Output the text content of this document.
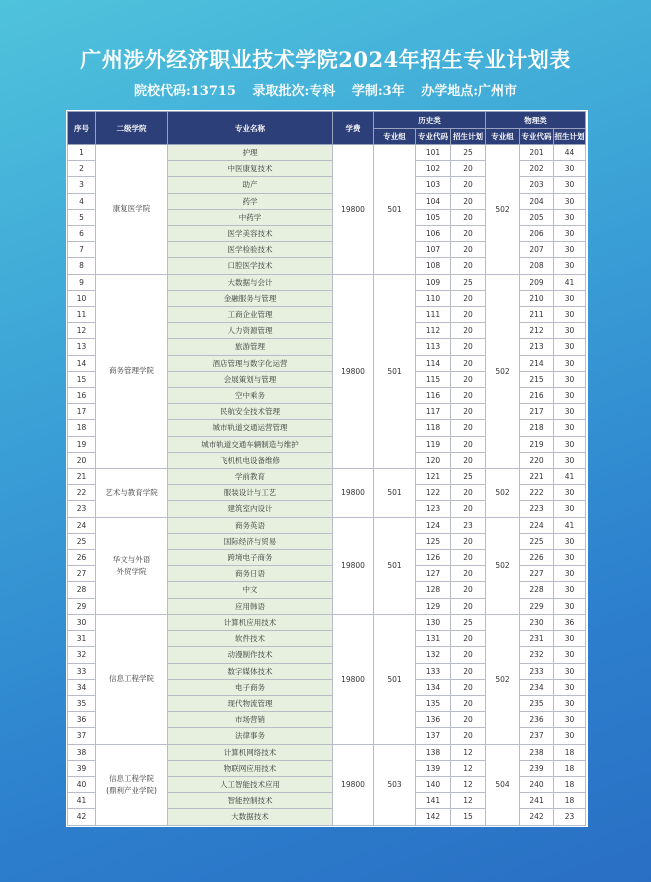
广州涉外经济职业技术学院2024年招生专业计划表
院校代码:13715 录取批次:专科 学制:3年 办学地点:广州市
序号	二级学院	专业名称	学费	历史类			物理类		
				专业组	专业代码	招生计划	专业组	专业代码	招生计划
1	康复医学院	护理	19800	501	101	25	502	201	44
2		中医康复技术			102	20		202	30
3		助产			103	20		203	30
4		药学			104	20		204	30
5		中药学			105	20		205	30
6		医学美容技术			106	20		206	30
7		医学检验技术			107	20		207	30
8		口腔医学技术			108	20		208	30
9	商务管理学院	大数据与会计	19800	501	109	25	502	209	41
10		金融服务与管理			110	20		210	30
11		工商企业管理			111	20		211	30
12		人力资源管理			112	20		212	30
13		旅游管理			113	20		213	30
14		酒店管理与数字化运营			114	20		214	30
15		会展策划与管理			115	20		215	30
16		空中乘务			116	20		216	30
17		民航安全技术管理			117	20		217	30
18		城市轨道交通运营管理			118	20		218	30
19		城市轨道交通车辆制造与维护			119	20		219	30
20		飞机机电设备维修			120	20		220	30
21	艺术与教育学院	学前教育	19800	501	121	25	502	221	41
22		服装设计与工艺			122	20		222	30
23		建筑室内设计			123	20		223	30
24	华文与外语
外贸学院	商务英语	19800	501	124	23	502	224	41
25		国际经济与贸易			125	20		225	30
26		跨境电子商务			126	20		226	30
27		商务日语			127	20		227	30
28		中文			128	20		228	30
29		应用韩语			129	20		229	30
30	信息工程学院	计算机应用技术	19800	501	130	25	502	230	36
31		软件技术			131	20		231	30
32		动漫制作技术			132	20		232	30
33		数字媒体技术			133	20		233	30
34		电子商务			134	20		234	30
35		现代物流管理			135	20		235	30
36		市场营销			136	20		236	30
37		法律事务			137	20		237	30
38	信息工程学院
(鼎利产业学院)	计算机网络技术	19800	503	138	12	504	238	18
39		物联网应用技术			139	12		239	18
40		人工智能技术应用			140	12		240	18
41		智能控制技术			141	12		241	18
42		大数据技术			142	15		242	23
